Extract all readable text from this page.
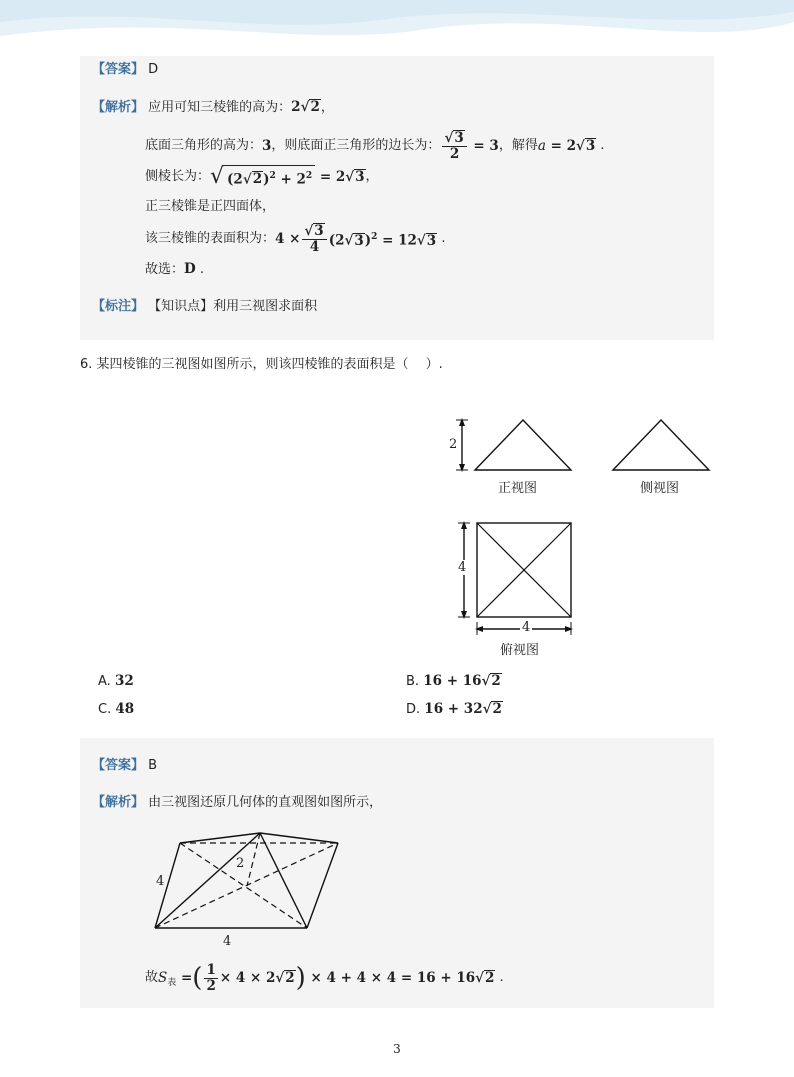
【答案】 D
【解析】 应用可知三棱锥的高为：2√2，
底面三角形的高为： 3 ，则底面正三角形的边长为： $\frac{√3}{2} = 3$ ，解得 a = 2√3 .
侧棱长为： √ $(2√2)^2 + 2^2 = 2√$ 3 ，
正三棱锥是正四面体，
该三棱锥的表面积为： $4 \times \frac{√3}{4} (2√3)^2 = 12√3$ .
故选：D .
【标注】 【知识点】利用三视图求面积
6. 某四棱锥的三视图如图所示，则该四棱锥的表面积是（　 ）.
2
正视图	侧视图
4
4
俯视图
A. 32	B. 16 + 16√2
C. 48	D. 16 + 32√2
【答案】 B
【解析】 由三视图还原几何体的直观图如图所示，
4
2
4
故 $S_表$ = ( $\frac{1}{2} \times 4 \times 2√2$ ) × 4 + 4 × 4 = 16 + 16√2 .
3
